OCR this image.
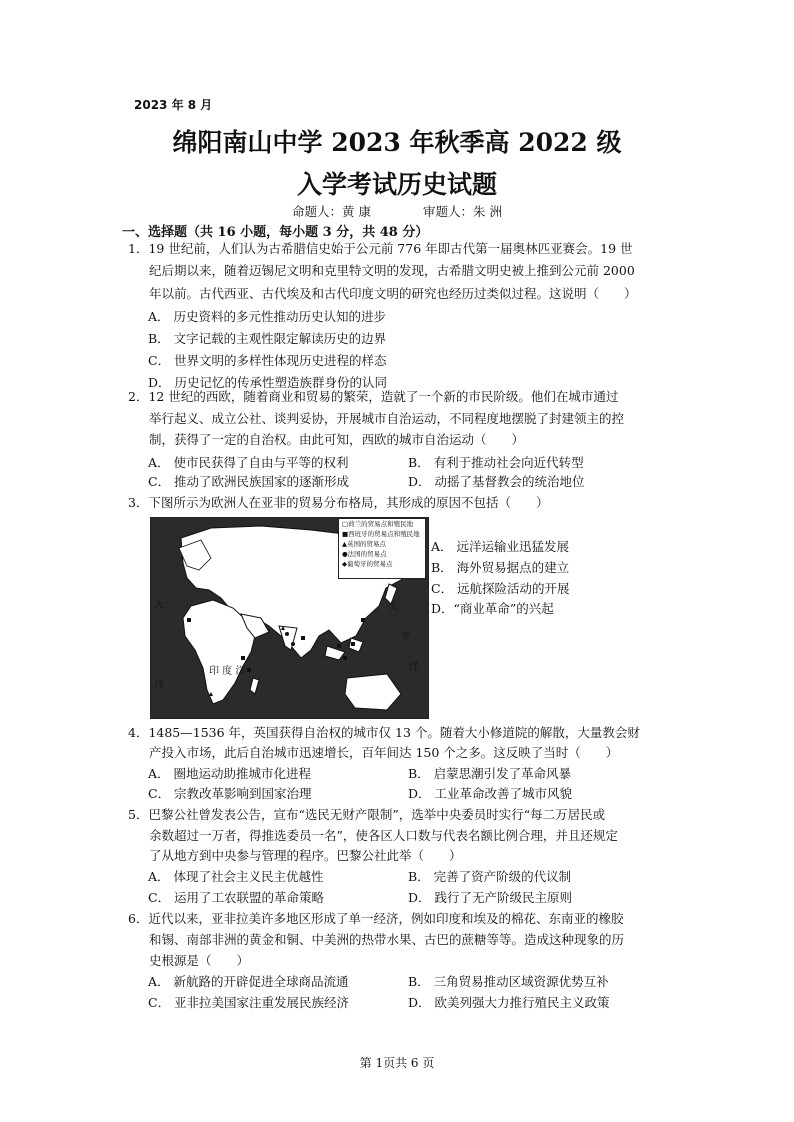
2023 年 8 月
绵阳南山中学 2023 年秋季高 2022 级
入学考试历史试题
命题人：黄 康	审题人：朱 洲
一、选择题（共 16 小题，每小题 3 分，共 48 分）
1．19 世纪前，人们认为古希腊信史始于公元前 776 年即古代第一届奥林匹亚赛会。19 世
纪后期以来，随着迈锡尼文明和克里特文明的发现，古希腊文明史被上推到公元前 2000
年以前。古代西亚、古代埃及和古代印度文明的研究也经历过类似过程。这说明（　　）
A． 历史资料的多元性推动历史认知的进步
B． 文字记载的主观性限定解读历史的边界
C． 世界文明的多样性体现历史进程的样态
D． 历史记忆的传承性塑造族群身份的认同
2．12 世纪的西欧，随着商业和贸易的繁荣，造就了一个新的市民阶级。他们在城市通过
举行起义、成立公社、谈判妥协，开展城市自治运动，不同程度地摆脱了封建领主的控
制，获得了一定的自治权。由此可知，西欧的城市自治运动（　　）
A． 使市民获得了自由与平等的权利	B． 有利于推动社会向近代转型
C． 推动了欧洲民族国家的逐渐形成	D． 动摇了基督教会的统治地位
3．下图所示为欧洲人在亚非的贸易分布格局，其形成的原因不包括（　　）
□荷兰的贸易点和殖民地
■西班牙的贸易点和殖民地
▲英国的贸易点
●法国的贸易点
◆葡萄牙的贸易点
太
平
洋
印 度 洋
洋
大
A． 远洋运输业迅猛发展
B． 海外贸易据点的建立
C． 远航探险活动的开展
D．“商业革命”的兴起
4．1485—1536 年，英国获得自治权的城市仅 13 个。随着大小修道院的解散，大量教会财
产投入市场，此后自治城市迅速增长，百年间达 150 个之多。这反映了当时（　　）
A． 圈地运动助推城市化进程	B． 启蒙思潮引发了革命风暴
C． 宗教改革影响到国家治理	D． 工业革命改善了城市风貌
5．巴黎公社曾发表公告，宣布“选民无财产限制”，选举中央委员时实行“每二万居民或
余数超过一万者，得推选委员一名”，使各区人口数与代表名额比例合理，并且还规定
了从地方到中央参与管理的程序。巴黎公社此举（　　）
A． 体现了社会主义民主优越性	B． 完善了资产阶级的代议制
C． 运用了工农联盟的革命策略	D． 践行了无产阶级民主原则
6．近代以来，亚非拉美许多地区形成了单一经济，例如印度和埃及的棉花、东南亚的橡胶
和锡、南部非洲的黄金和铜、中美洲的热带水果、古巴的蔗糖等等。造成这种现象的历
史根源是（　　）
A． 新航路的开辟促进全球商品流通	B． 三角贸易推动区域资源优势互补
C． 亚非拉美国家注重发展民族经济	D． 欧美列强大力推行殖民主义政策
第 1页共 6 页
